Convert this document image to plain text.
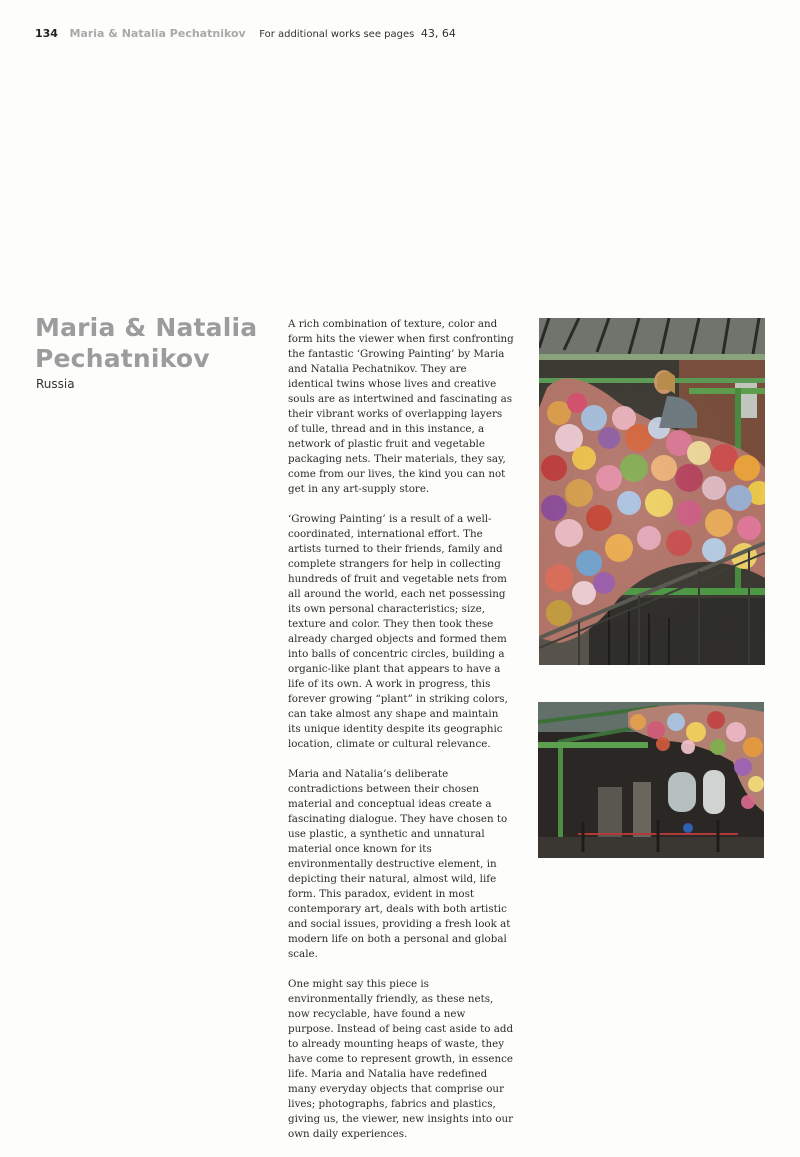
134 Maria & Natalia Pechatnikov For additional works see pages 43, 64
Maria & Natalia
Pechatnikov
Russia

A rich combination of texture, color and form hits the viewer when first confronting the fantastic ‘Growing Painting’ by Maria and Natalia Pechatnikov. They are identical twins whose lives and creative souls are as intertwined and fascinating as their vibrant works of overlapping layers of tulle, thread and in this instance, a network of plastic fruit and vegetable packaging nets. Their materials, they say, come from our lives, the kind you can not get in any art-supply store.

‘Growing Painting’ is a result of a well-coordinated, international effort. The artists turned to their friends, family and complete strangers for help in collecting hundreds of fruit and vegetable nets from all around the world, each net possessing its own personal characteristics; size, texture and color. They then took these already charged objects and formed them into balls of concentric circles, building a organic-like plant that appears to have a life of its own. A work in progress, this forever growing “plant” in striking colors, can take almost any shape and maintain its unique identity despite its geographic location, climate or cultural relevance.

Maria and Natalia’s deliberate contradictions between their chosen material and conceptual ideas create a fascinating dialogue. They have chosen to use plastic, a synthetic and unnatural material once known for its environmentally destructive element, in depicting their natural, almost wild, life form. This paradox, evident in most contemporary art, deals with both artistic and social issues, providing a fresh look at modern life on both a personal and global scale.

One might say this piece is environmentally friendly, as these nets, now recyclable, have found a new purpose. Instead of being cast aside to add to already mounting heaps of waste, they have come to represent growth, in essence life. Maria and Natalia have redefined many everyday objects that comprise our lives; photographs, fabrics and plastics, giving us, the viewer, new insights into our own daily experiences.
